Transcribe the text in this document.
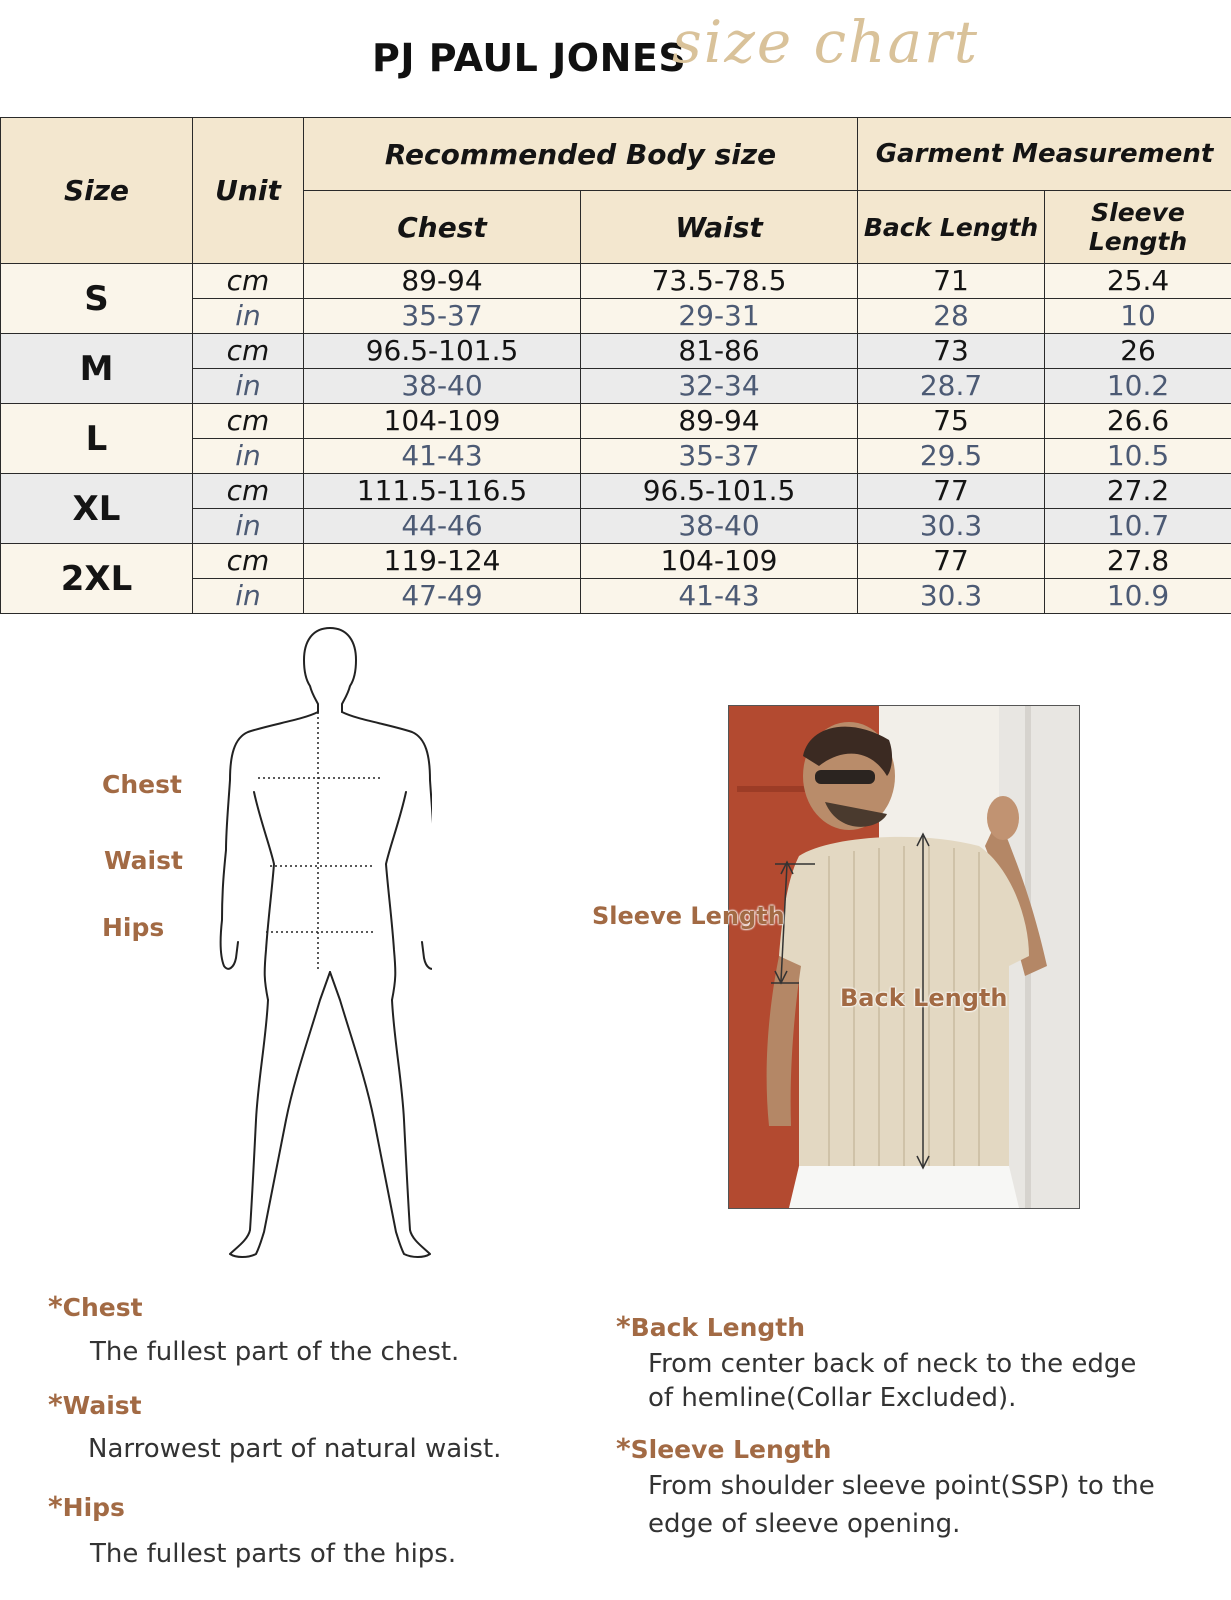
PJ PAUL JONES
size chart
Size	Unit	Recommended Body size		Garment Measurement	
		Chest	Waist	Back Length	Sleeve Length
S	cm	89-94	73.5-78.5	71	25.4
	in	35-37	29-31	28	10
M	cm	96.5-101.5	81-86	73	26
	in	38-40	32-34	28.7	10.2
L	cm	104-109	89-94	75	26.6
	in	41-43	35-37	29.5	10.5
XL	cm	111.5-116.5	96.5-101.5	77	27.2
	in	44-46	38-40	30.3	10.7
2XL	cm	119-124	104-109	77	27.8
	in	47-49	41-43	30.3	10.9
Chest
Waist
Hips	Sleeve Length
Back Length
*Chest
The fullest part of the chest.
*Waist
Narrowest part of natural waist.
*Hips
The fullest parts of the hips.
*Back Length
From center back of neck to the edge
of hemline(Collar Excluded).
*Sleeve Length
From shoulder sleeve point(SSP) to the
edge of sleeve opening.
